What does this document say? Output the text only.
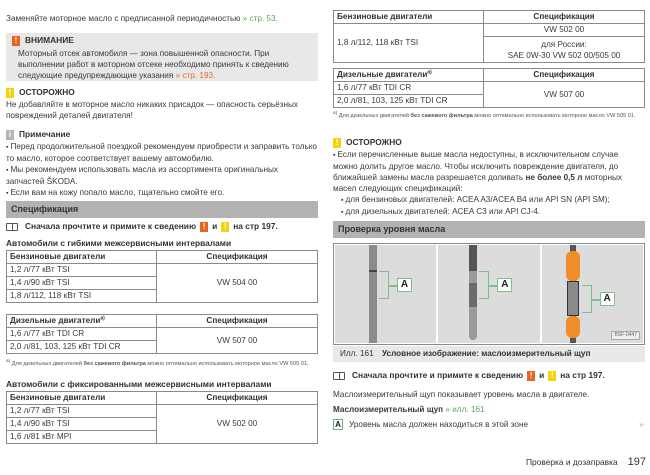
Заменяйте моторное масло с предписанной периодичностью » стр. 53.

! ВНИМАНИЕ

Моторный отсек автомобиля — зона повышенной опасности. При выполнении работ в моторном отсеке необходимо принять к сведению следующие предупреждающие указания » стр. 193.

! ОСТОРОЖНО

Не добавляйте в моторное масло никаких присадок — опасность серьёзных повреждений деталей двигателя!

i Примечание
▪ Перед продолжительной поездкой рекомендуем приобрести и заправить только то масло, которое соответствует вашему автомобилю.
▪ Мы рекомендуем использовать масла из ассортимента оригинальных запчастей ŠKODA.
▪ Если вам на кожу попало масло, тщательно смойте его.
Спецификация
Сначала прочтите и примите к сведению ! и ! на стр 197.
Автомобили с гибкими межсервисными интервалами
Бензиновые двигатели	Спецификация
1,2 л/77 кВт TSI	VW 504 00
1,4 л/90 кВт TSI	
1,8 л/112, 118 кВт TSI	
Дизельные двигатели$^{a)}$	Спецификация
1,6 л/77 кВт TDI CR	VW 507 00
2,0 л/81, 103, 125 кВт TDI CR	

$^{a)}$ Для дизельных двигателей без сажевого фильтра можно оптимально использовать моторное масло VW 505 01.

Автомобили с фиксированными межсервисными интервалами
Бензиновые двигатели	Спецификация
1,2 л/77 кВт TSI	VW 502 00
1,4 л/90 кВт TSI	
1,6 л/81 кВт MPI	
Бензиновые двигатели	Спецификация
1,8 л/112, 118 кВт TSI	VW 502 00
	для России:
SAE 0W-30 VW 502 00/505 00
Дизельные двигатели$^{a)}$	Спецификация
1,6 л/77 кВт TDI CR	VW 507 00
2,0 л/81, 103, 125 кВт TDI CR	

$^{a)}$ Для дизельных двигателей без сажевого фильтра можно оптимально использовать моторное масло VW 505 01.

! ОСТОРОЖНО
▪ Если перечисленные выше масла недоступны, в исключительном случае можно долить другое масло. Чтобы исключить повреждение двигателя, до ближайшей замены масла разрешается доливать не более 0,5 л моторных масел следующих спецификаций:
▪ для бензиновых двигателей: ACEA A3/ACEA B4 или API SN (API SM);
▪ для дизельных двигателей: ACEA C3 или API CJ-4.
Проверка уровня масла
A	A
A
BSF-0447
Илл. 161 Условное изображение: маслоизмерительный щуп
Сначала прочтите и примите к сведению ! и ! на стр 197.

Маслоизмерительный щуп показывает уровень масла в двигателе.

Маслоизмерительный щуп » илл. 161

A Уровень масла должен находиться в этой зоне	»
Проверка и дозаправка 197
